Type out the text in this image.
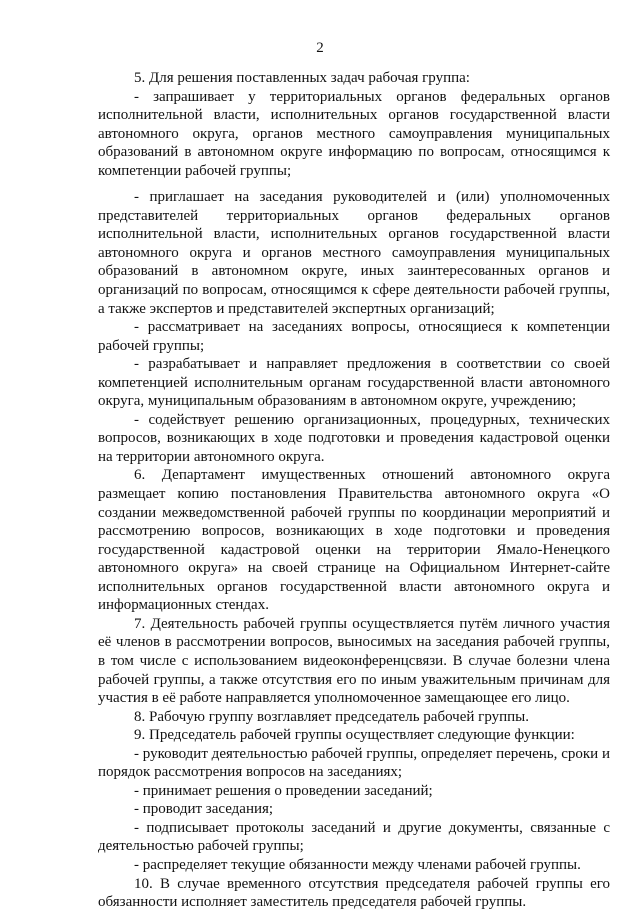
2

5. Для решения поставленных задач рабочая группа:

- запрашивает у территориальных органов федеральных органов исполнительной власти, исполнительных органов государственной власти автономного округа, органов местного самоуправления муниципальных образований в автономном округе информацию по вопросам, относящимся к компетенции рабочей группы;

- приглашает на заседания руководителей и (или) уполномоченных представителей территориальных органов федеральных органов исполнительной власти, исполнительных органов государственной власти автономного округа и органов местного самоуправления муниципальных образований в автономном округе, иных заинтересованных органов и организаций по вопросам, относящимся к сфере деятельности рабочей группы, а также экспертов и представителей экспертных организаций;

- рассматривает на заседаниях вопросы, относящиеся к компетенции рабочей группы;

- разрабатывает и направляет предложения в соответствии со своей компетенцией исполнительным органам государственной власти автономного округа, муниципальным образованиям в автономном округе, учреждению;

- содействует решению организационных, процедурных, технических вопросов, возникающих в ходе подготовки и проведения кадастровой оценки на территории автономного округа.

6. Департамент имущественных отношений автономного округа размещает копию постановления Правительства автономного округа «О создании межведомственной рабочей группы по координации мероприятий и рассмотрению вопросов, возникающих в ходе подготовки и проведения государственной кадастровой оценки на территории Ямало-Ненецкого автономного округа» на своей странице на Официальном Интернет-сайте исполнительных органов государственной власти автономного округа и информационных стендах.

7. Деятельность рабочей группы осуществляется путём личного участия её членов в рассмотрении вопросов, выносимых на заседания рабочей группы, в том числе с использованием видеоконференцсвязи. В случае болезни члена рабочей группы, а также отсутствия его по иным уважительным причинам для участия в её работе направляется уполномоченное замещающее его лицо.

8. Рабочую группу возглавляет председатель рабочей группы.

9. Председатель рабочей группы осуществляет следующие функции:

- руководит деятельностью рабочей группы, определяет перечень, сроки и порядок рассмотрения вопросов на заседаниях;

- принимает решения о проведении заседаний;

- проводит заседания;

- подписывает протоколы заседаний и другие документы, связанные с деятельностью рабочей группы;

- распределяет текущие обязанности между членами рабочей группы.

10. В случае временного отсутствия председателя рабочей группы его обязанности исполняет заместитель председателя рабочей группы.
